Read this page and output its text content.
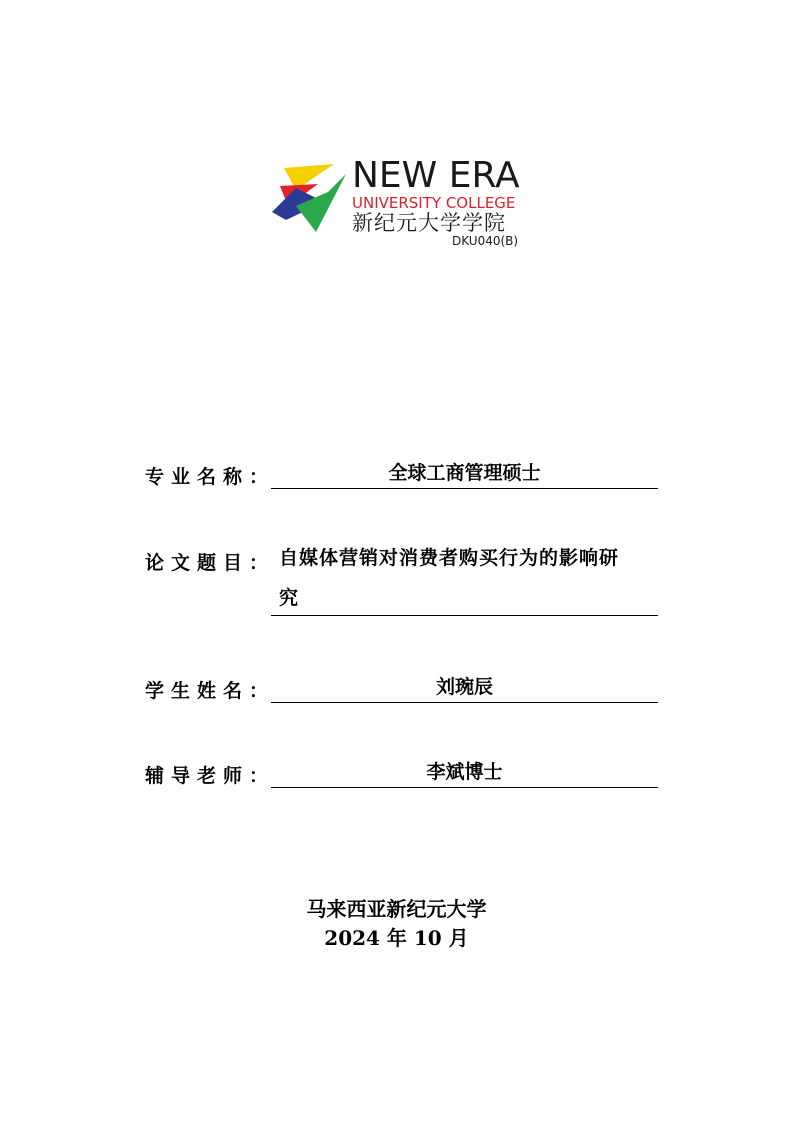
NEW ERA
UNIVERSITY COLLEGE
新纪元大学学院
DKU040(B)
专业名称：	全球工商管理硕士
论文题目： 自媒体营销对消费者购买行为的影响研
究
学生姓名：	刘琬辰
辅导老师：	李斌博士
马来西亚新纪元大学
2024 年 10 月
